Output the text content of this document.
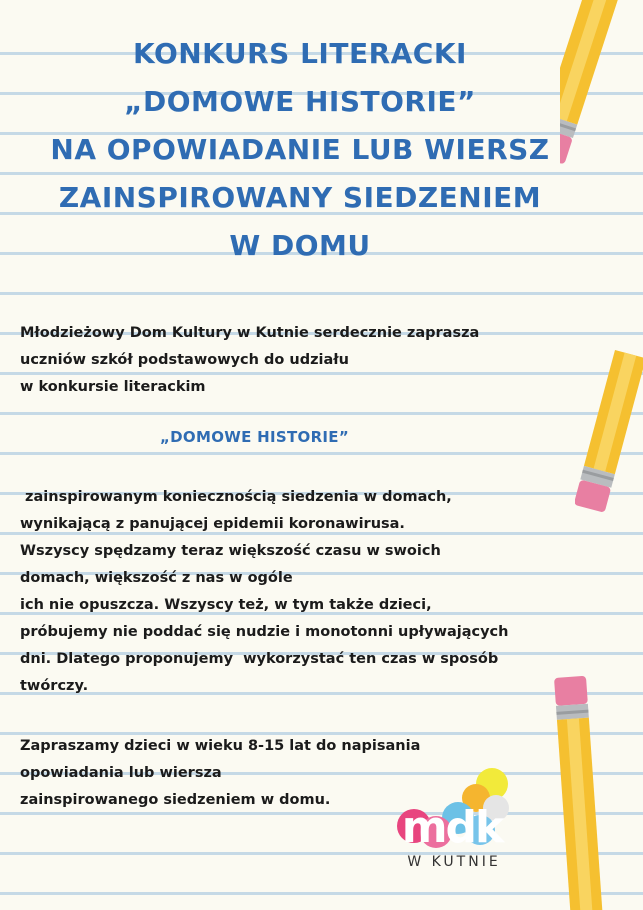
KONKURS LITERACKI
„DOMOWE HISTORIE”
NA OPOWIADANIE LUB WIERSZ
ZAINSPIROWANY SIEDZENIEM
W DOMU
Młodzieżowy Dom Kultury w Kutnie serdecznie zaprasza
uczniów szkół podstawowych do udziału
w konkursie literackim
„DOMOWE HISTORIE”
zainspirowanym koniecznością siedzenia w domach,
wynikającą z panującej epidemii koronawirusa.
Wszyscy spędzamy teraz większość czasu w swoich
domach, większość z nas w ogóle
ich nie opuszcza. Wszyscy też, w tym także dzieci,
próbujemy nie poddać się nudzie i monotonni upływających
dni. Dlatego proponujemy  wykorzystać ten czas w sposób
twórczy.
Zapraszamy dzieci w wieku 8-15 lat do napisania
opowiadania lub wiersza
zainspirowanego siedzeniem w domu.
mdk
W KUTNIE
